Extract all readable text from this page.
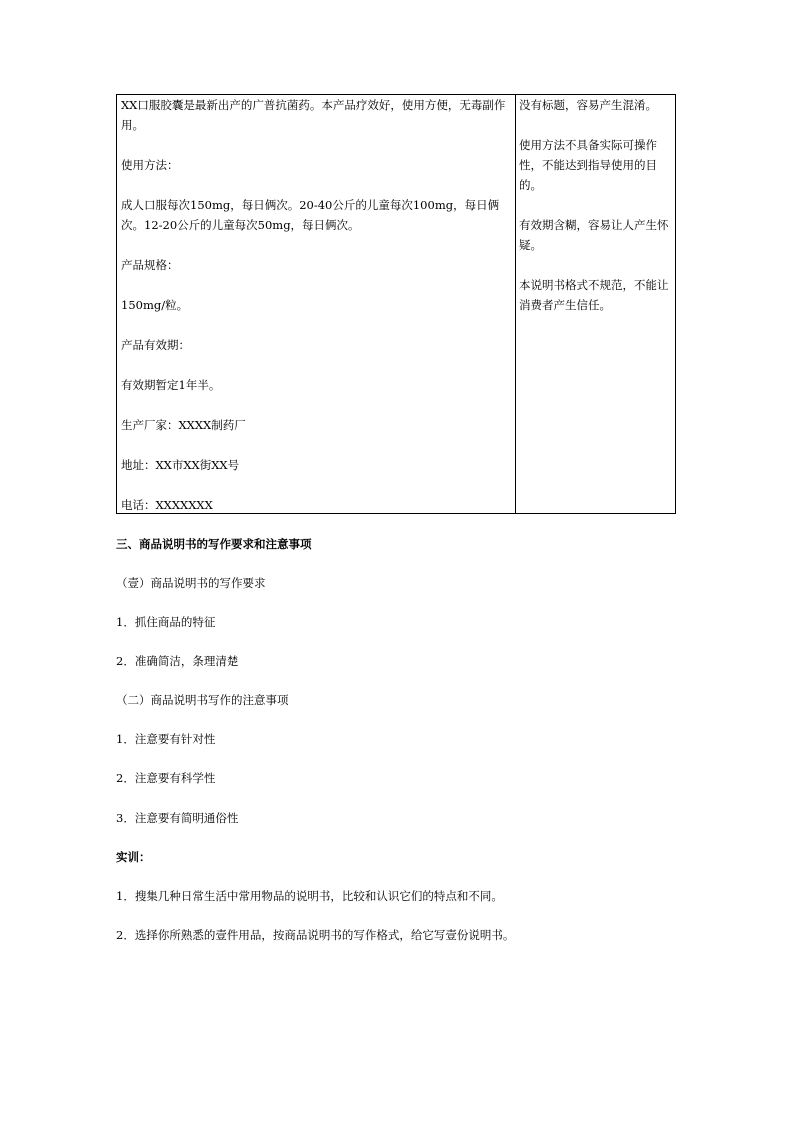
XX口服胶囊是最新出产的广普抗菌药。本产品疗效好，使用方便，无毒副作用。

使用方法：

成人口服每次150mg，每日俩次。20-40公斤的儿童每次100mg，每日俩次。12-20公斤的儿童每次50mg，每日俩次。

产品规格：

150mg/粒。

产品有效期：

有效期暂定1年半。

生产厂家：XXXX制药厂

地址：XX市XX街XX号

电话：XXXXXXX

没有标题，容易产生混淆。

使用方法不具备实际可操作性，不能达到指导使用的目的。

有效期含糊，容易让人产生怀疑。

本说明书格式不规范，不能让消费者产生信任。

三、商品说明书的写作要求和注意事项
（壹）商品说明书的写作要求
1．抓住商品的特征
2．准确简洁，条理清楚
（二）商品说明书写作的注意事项
1．注意要有针对性
2．注意要有科学性
3．注意要有简明通俗性
实训：
1．搜集几种日常生活中常用物品的说明书，比较和认识它们的特点和不同。
2．选择你所熟悉的壹件用品，按商品说明书的写作格式，给它写壹份说明书。
